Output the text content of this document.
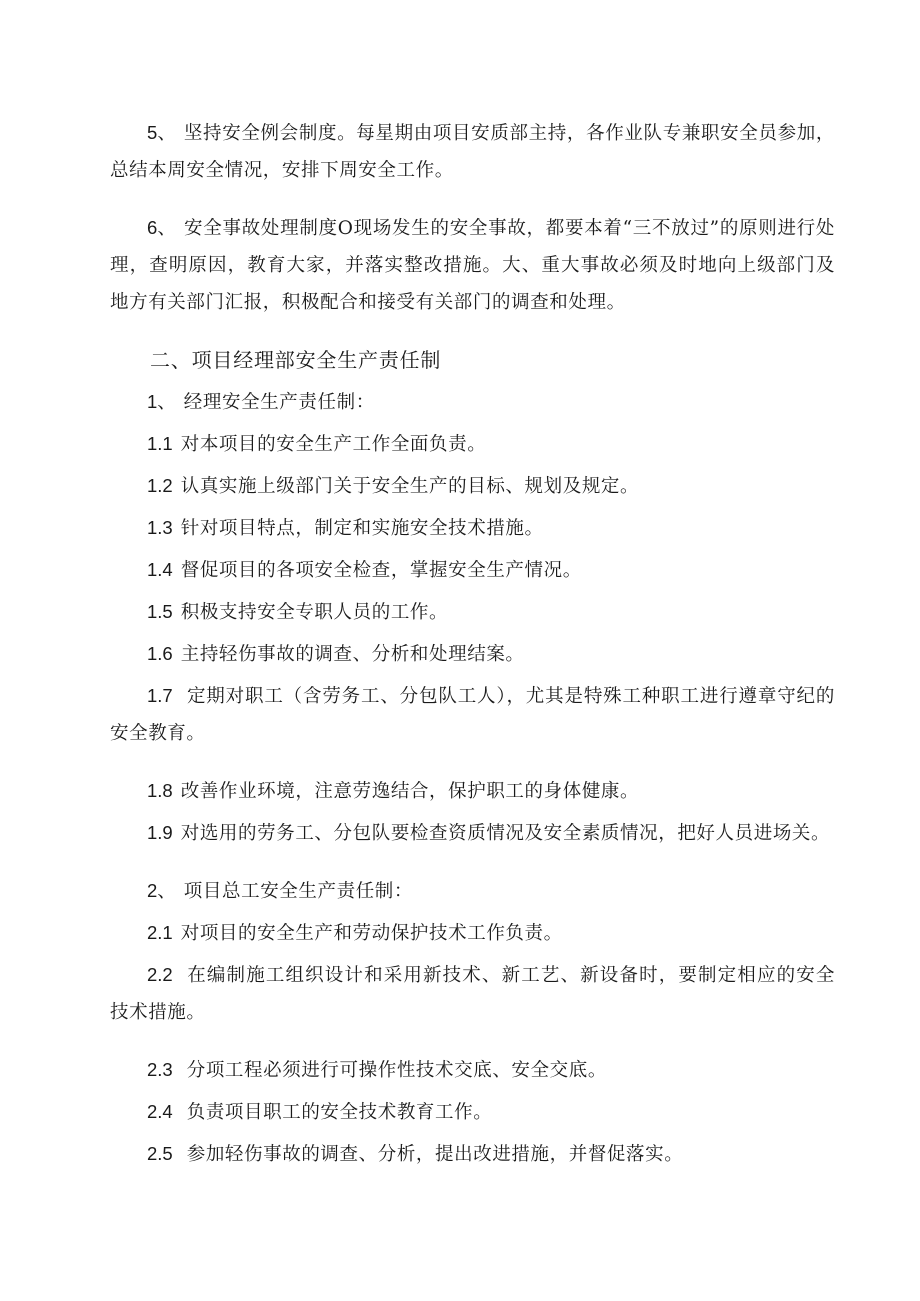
5、 坚持安全例会制度。每星期由项目安质部主持，各作业队专兼职安全员参加，总结本周安全情况，安排下周安全工作。

6、 安全事故处理制度O现场发生的安全事故，都要本着“三不放过”的原则进行处理，查明原因，教育大家，并落实整改措施。大、重大事故必须及时地向上级部门及地方有关部门汇报，积极配合和接受有关部门的调查和处理。

二、项目经理部安全生产责任制

1、 经理安全生产责任制：

1.1 对本项目的安全生产工作全面负责。

1.2 认真实施上级部门关于安全生产的目标、规划及规定。

1.3 针对项目特点，制定和实施安全技术措施。

1.4 督促项目的各项安全检查，掌握安全生产情况。

1.5 积极支持安全专职人员的工作。

1.6 主持轻伤事故的调查、分析和处理结案。

1.7 定期对职工（含劳务工、分包队工人），尤其是特殊工种职工进行遵章守纪的安全教育。

1.8 改善作业环境，注意劳逸结合，保护职工的身体健康。

1.9 对选用的劳务工、分包队要检查资质情况及安全素质情况，把好人员进场关。

2、 项目总工安全生产责任制：

2.1 对项目的安全生产和劳动保护技术工作负责。

2.2 在编制施工组织设计和采用新技术、新工艺、新设备时，要制定相应的安全技术措施。

2.3 分项工程必须进行可操作性技术交底、安全交底。

2.4 负责项目职工的安全技术教育工作。

2.5 参加轻伤事故的调查、分析，提出改进措施，并督促落实。
